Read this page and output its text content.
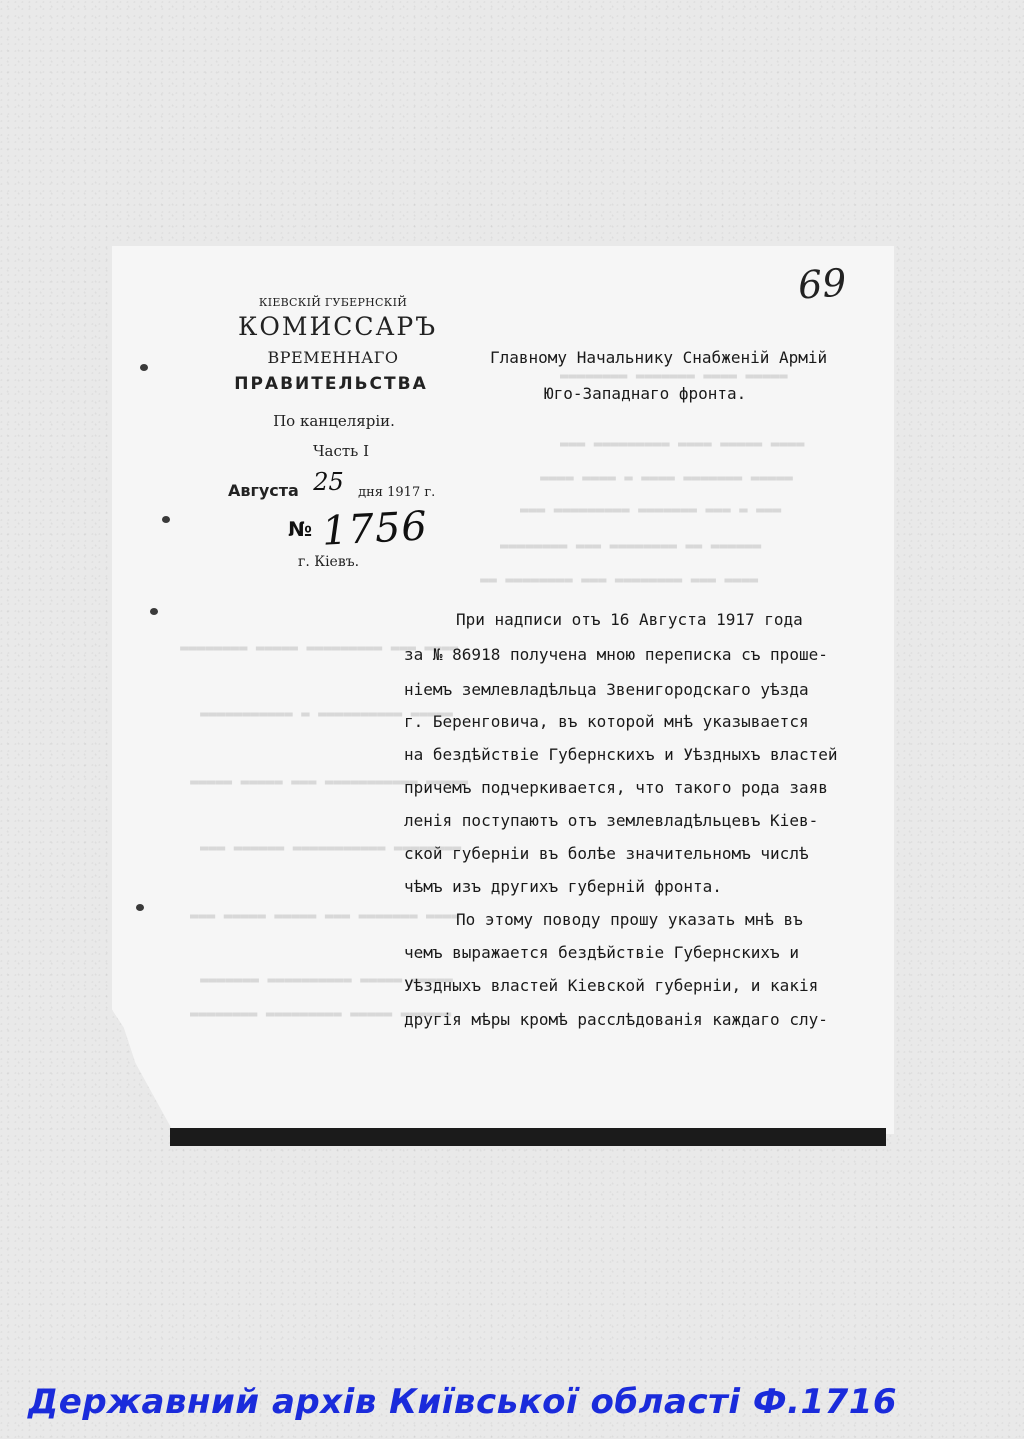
▬▬▬▬▬ ▬▬▬▬ ▬▬▬▬▬▬▬ ▬▬▬▬▬▬▬▬
▬▬▬▬ ▬▬▬▬▬ ▬▬▬▬ ▬▬▬▬▬▬▬▬▬ ▬▬▬
▬▬▬▬▬ ▬▬▬▬▬▬▬ ▬▬▬▬ ▬ ▬▬▬▬ ▬▬▬▬
▬▬▬ ▬ ▬▬▬ ▬▬▬▬▬▬▬ ▬▬▬▬▬▬▬▬▬ ▬▬▬
▬▬▬▬▬▬ ▬▬ ▬▬▬▬▬▬▬▬ ▬▬▬ ▬▬▬▬▬▬▬▬
▬▬▬▬ ▬▬▬ ▬▬▬▬▬▬▬▬ ▬▬▬ ▬▬▬▬▬▬▬▬ ▬▬
▬▬▬▬ ▬▬▬ ▬▬▬▬▬▬▬▬▬ ▬▬▬▬▬ ▬▬▬▬▬▬▬▬
▬▬▬▬▬ ▬▬▬▬▬▬▬▬▬▬ ▬ ▬▬▬▬▬▬▬▬▬▬▬
▬▬▬▬▬ ▬▬▬▬▬▬▬▬▬▬▬ ▬▬▬ ▬▬▬▬▬ ▬▬▬▬▬
▬▬▬▬▬▬▬▬ ▬▬▬▬▬▬▬▬▬▬▬ ▬▬▬▬▬▬ ▬▬▬
▬▬▬▬ ▬▬▬▬▬▬▬ ▬▬▬ ▬▬▬▬▬ ▬▬▬▬▬ ▬▬▬
▬▬▬▬▬ ▬▬▬▬▬ ▬▬▬▬▬▬▬▬▬▬ ▬▬▬▬▬▬▬
▬▬▬▬▬▬ ▬▬▬▬▬ ▬▬▬▬▬▬▬▬▬ ▬▬▬▬▬▬▬▬
69
КІЕВСКІЙ ГУБЕРНСКІЙ
КОМИССАРЪ
ВРЕМЕННАГО
ПРАВИТЕЛЬСТВА
По канцеляріи.
Часть I
Августа 25 дня 1917 г.
№ 1756
г. Кіевъ.
Главному Начальнику Снабженій Армій
Юго-Западнаго фронта.
При надписи отъ 16 Августа 1917 года
за № 86918 получена мною переписка съ проше-
ніемъ землевладѣльца Звенигородскаго уѣзда
г. Беренговича, въ которой мнѣ указывается
на бездѣйствіе Губернскихъ и Уѣздныхъ властей
причемъ подчеркивается, что такого рода заяв
ленія поступаютъ отъ землевладѣльцевъ Кіев-
ской губерніи въ болѣе значительномъ числѣ
чѣмъ изъ другихъ губерній фронта.
По этому поводу прошу указать мнѣ въ
чемъ выражается бездѣйствіе Губернскихъ и
Уѣздныхъ властей Кіевской губерніи, и какія
другія мѣры кромѣ расслѣдованія каждаго слу-
Державний архів Київської області Ф.1716
